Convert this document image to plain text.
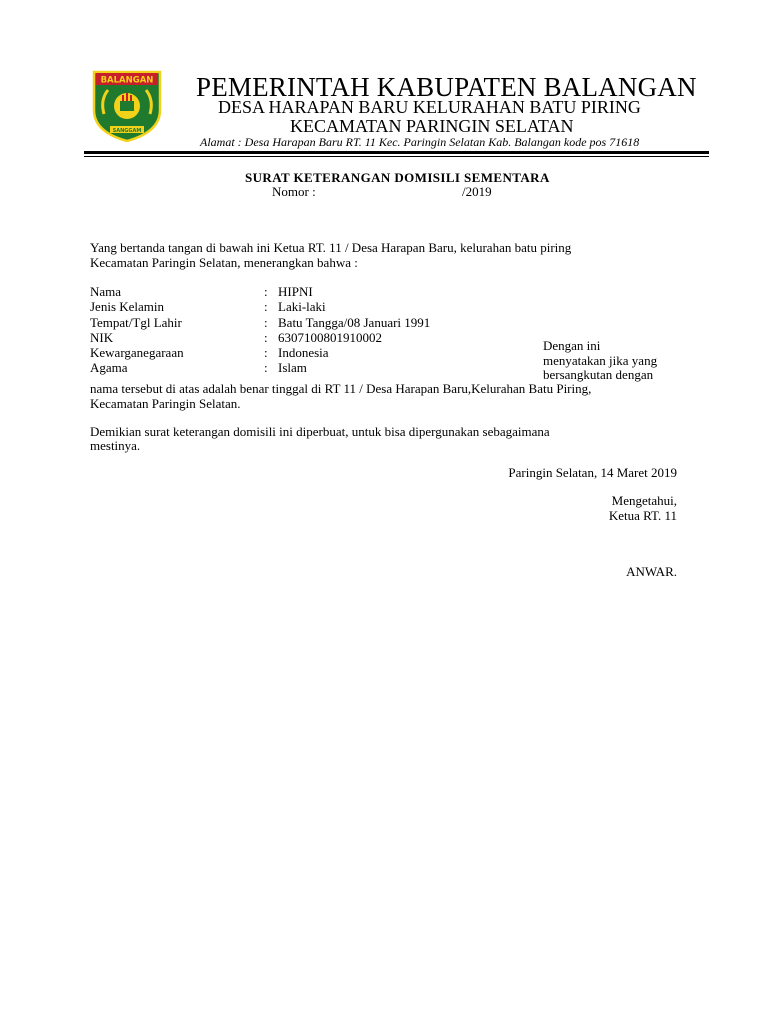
BALANGAN
SANGGAM
PEMERINTAH KABUPATEN BALANGAN
DESA HARAPAN BARU KELURAHAN BATU PIRING
KECAMATAN PARINGIN SELATAN
Alamat : Desa Harapan Baru RT. 11 Kec. Paringin Selatan Kab. Balangan kode pos 71618
SURAT KETERANGAN DOMISILI SEMENTARA
Nomor :	/2019
Yang bertanda tangan di bawah ini Ketua RT. 11 / Desa Harapan Baru, kelurahan batu piring
Kecamatan Paringin Selatan, menerangkan bahwa :
Nama	: HIPNI
Jenis Kelamin	: Laki-laki
Tempat/Tgl Lahir	: Batu Tangga/08 Januari 1991
NIK	: 6307100801910002
Kewarganegaraan	: Indonesia
Agama	: Islam
Dengan ini
menyatakan jika yang
bersangkutan dengan
nama tersebut di atas adalah benar tinggal di RT 11 / Desa Harapan Baru,Kelurahan Batu Piring,
Kecamatan Paringin Selatan.
Demikian surat keterangan domisili ini diperbuat, untuk bisa dipergunakan sebagaimana
mestinya.
Paringin Selatan, 14 Maret 2019
Mengetahui,
Ketua RT. 11
ANWAR.
